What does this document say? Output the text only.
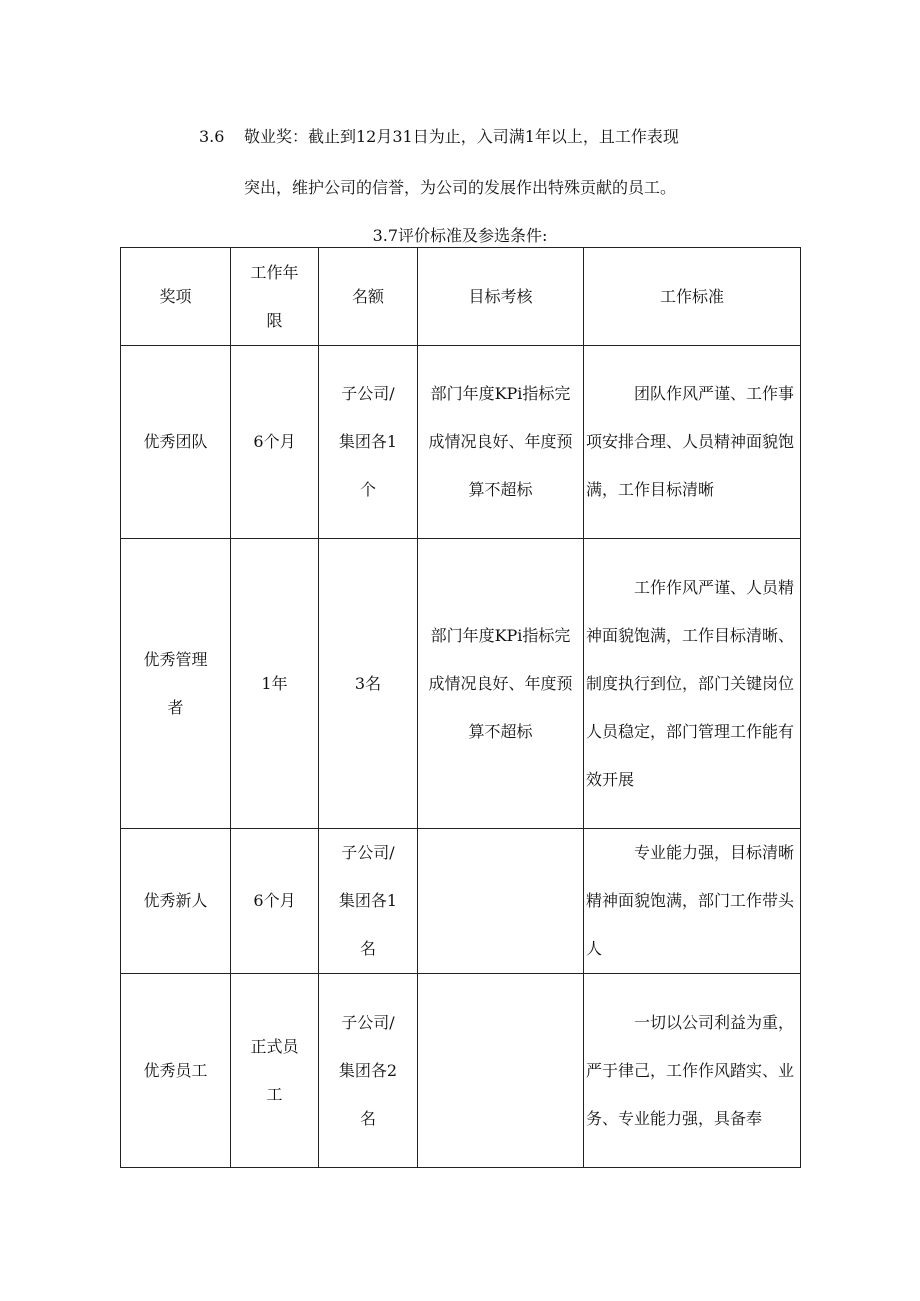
3.6 敬业奖：截止到12月31日为止，入司满1年以上，且工作表现
突出，维护公司的信誉，为公司的发展作出特殊贡献的员工。
3.7评价标准及参选条件:
奖项	工作年
限	名额	目标考核	工作标准

优秀团队	6个月	子公司/
集团各1
个	部门年度KPi指标完
成情况良好、年度预
算不超标	团队作风严谨、工作事
项安排合理、人员精神面貌饱
满，工作目标清晰

优秀管理
者	1年	3名	部门年度KPi指标完
成情况良好、年度预
算不超标	工作作风严谨、人员精
神面貌饱满，工作目标清晰、
制度执行到位，部门关键岗位
人员稳定，部门管理工作能有
效开展

优秀新人	6个月	子公司/
集团各1
名		专业能力强，目标清晰
精神面貌饱满，部门工作带头
人

优秀员工	正式员
工	子公司/
集团各2
名		一切以公司利益为重，
严于律己，工作作风踏实、业
务、专业能力强，具备奉
